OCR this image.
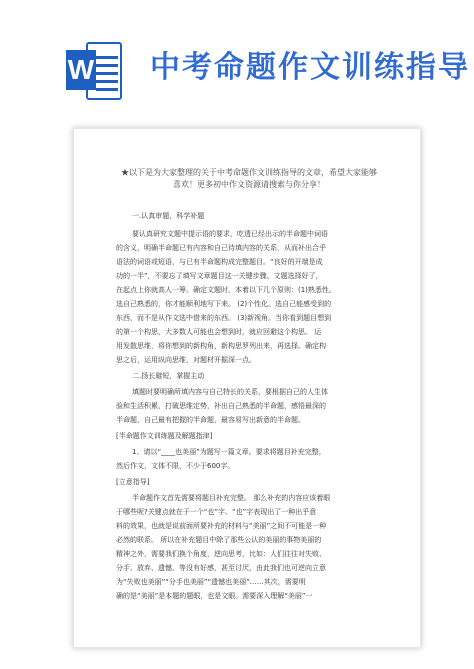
W 中考命题作文训练指导

★以下是为大家整理的关于中考命题作文训练指导的文章，希望大家能够喜欢！更多初中作文资源请搜索与你分享！

一.认真审题，科学补题

要认真研究文题中提示语的要求，吃透已经出示的半命题中词语

的含义，明确半命题已有内容和自己待填内容的关系，从而补出合乎

语法的词语或短语，与已有半命题构成完整题目。“良好的开端是成

功的一半”，不要忘了填写文章题目这一关键步骤。文题选择好了，

在起点上你就高人一筹。确定文题时，本着以下几个原则：(1)熟悉性。

选自己熟悉的，你才能顺利地写下来。 (2)个性化。选自己能感受到的

东西，而不是从作文选中借来的东西。 (3)新视角。当你看到题目想到

的第一个构思，大多数人可能也会想到时，就应回避这个构思。 运

用发散思维，将你想到的新构角，新构思罗列出来，再选择。确定构

思之后，运用纵向思维，对题材开掘深一点。

二.扬长避短，掌握主动

填题时要明确所填内容与自己特长的关系，要根据自己的人生体

验和生活积累，打破思维定势，补出自己熟悉的半命题，感悟最深的

半命题，自己最有把握的半命题，最容易写出新意的半命题。

[半命题作文训练题及解题指津]

1、请以“____也美丽”为题写一篇文章。要求将题目补充完整，

然后作文，文体不限，不少于600字。

[立意指导]

半命题作文首先需要将题目补充完整。 那么补充的内容应该着眼

于哪些呢?关键点就在于一个“也”字。“也”字表现出了一种出乎意

料的效果，也就是说前面所要补充的材料与“美丽”之间不可能是一种

必然的联系。 所以在补充题目中除了那些公认的美丽的事物美丽的

精神之外，需要我们换个角度，逆向思考，比如：人们往往对失败、

分手、放弃、遗憾、等没有好感，甚至讨厌，由此我们也可逆向立意

为“失败也美丽”“分手也美丽”“遗憾也美丽”……其次，需要明

确的是“美丽”是本题的题眼，也是文眼。需要深入理解“美丽”一
